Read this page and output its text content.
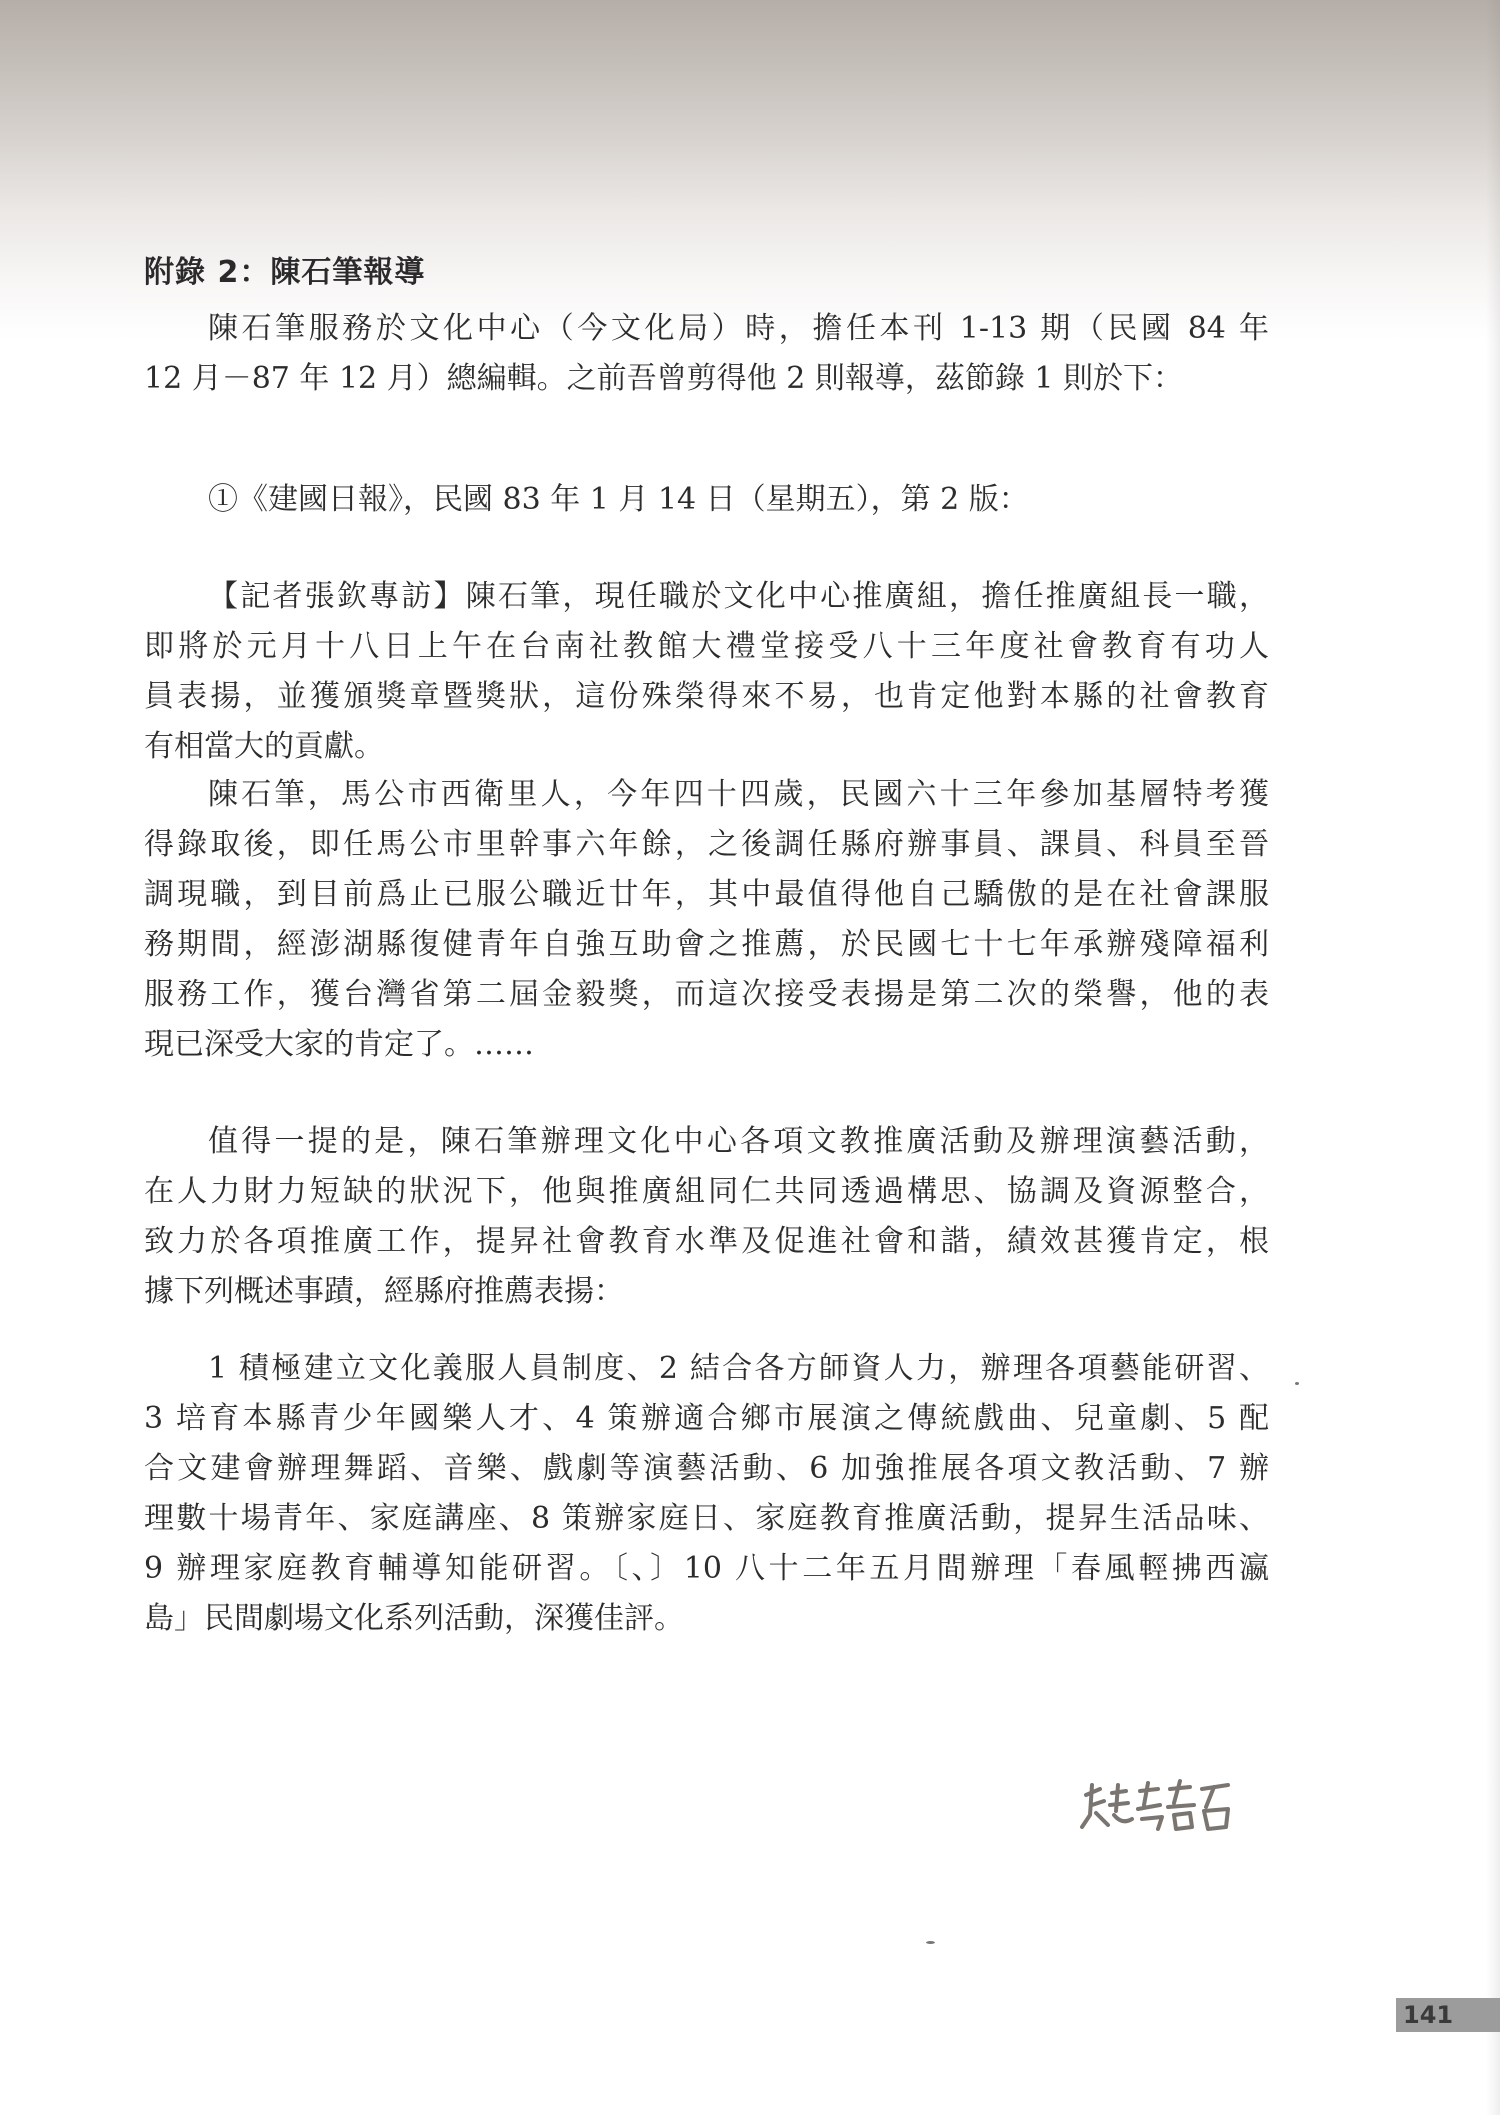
附錄 2：陳石筆報導
陳石筆服務於文化中心（今文化局）時，擔任本刊 1-13 期（民國 84 年
12 月－87 年 12 月）總編輯。之前吾曾剪得他 2 則報導，茲節錄 1 則於下：
①《建國日報》，民國 83 年 1 月 14 日（星期五），第 2 版：
【記者張欽專訪】陳石筆，現任職於文化中心推廣組，擔任推廣組長一職，
即將於元月十八日上午在台南社教館大禮堂接受八十三年度社會教育有功人
員表揚，並獲頒獎章暨獎狀，這份殊榮得來不易，也肯定他對本縣的社會教育
有相當大的貢獻。
陳石筆，馬公市西衛里人，今年四十四歲，民國六十三年參加基層特考獲
得錄取後，即任馬公市里幹事六年餘，之後調任縣府辦事員、課員、科員至晉
調現職，到目前爲止已服公職近廿年，其中最值得他自己驕傲的是在社會課服
務期間，經澎湖縣復健青年自強互助會之推薦，於民國七十七年承辦殘障福利
服務工作，獲台灣省第二屆金毅獎，而這次接受表揚是第二次的榮譽，他的表
現已深受大家的肯定了。……
值得一提的是，陳石筆辦理文化中心各項文教推廣活動及辦理演藝活動，
在人力財力短缺的狀況下，他與推廣組同仁共同透過構思、協調及資源整合，
致力於各項推廣工作，提昇社會教育水準及促進社會和諧，績效甚獲肯定，根
據下列概述事蹟，經縣府推薦表揚：
1 積極建立文化義服人員制度、2 結合各方師資人力，辦理各項藝能研習、
3 培育本縣青少年國樂人才、4 策辦適合鄉市展演之傳統戲曲、兒童劇、5 配
合文建會辦理舞蹈、音樂、戲劇等演藝活動、6 加強推展各項文教活動、7 辦
理數十場青年、家庭講座、8 策辦家庭日、家庭教育推廣活動，提昇生活品味、
9 辦理家庭教育輔導知能研習。〔、〕10 八十二年五月間辦理「春風輕拂西瀛
島」民間劇場文化系列活動，深獲佳評。
141
